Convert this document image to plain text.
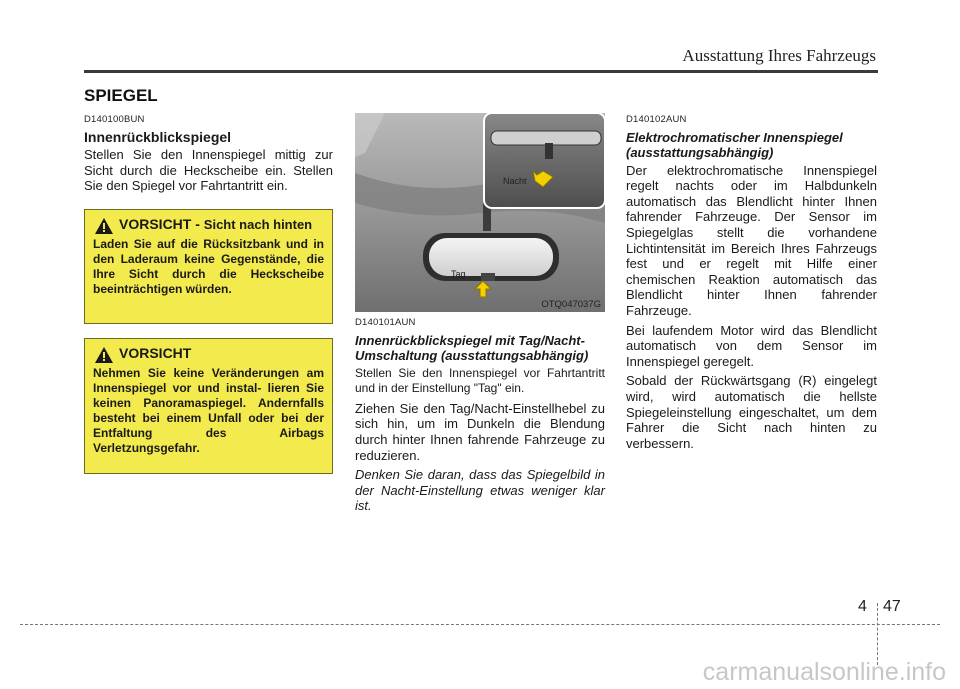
Ausstattung Ihres Fahrzeugs
SPIEGEL
D140100BUN
Innenrückblickspiegel
Stellen Sie den Innenspiegel mittig zur Sicht durch die Heckscheibe ein. Stellen Sie den Spiegel vor Fahrtantritt ein.
VORSICHT - Sicht nach hinten
Laden Sie auf die Rücksitzbank und in den Laderaum keine Gegenstände, die Ihre Sicht durch die Heckscheibe beeinträchtigen würden.
VORSICHT
Nehmen Sie keine Veränderungen am Innenspiegel vor und instal- lieren Sie keinen Panoramaspiegel. Andernfalls besteht bei einem Unfall oder bei der Entfaltung des Airbags Verletzungsgefahr.
Nacht
Tag
OTQ047037G
D140101AUN
Innenrückblickspiegel mit Tag/Nacht-Umschaltung (ausstattungsabhängig)
Stellen Sie den Innenspiegel vor Fahrtantritt und in der Einstellung "Tag" ein.
Ziehen Sie den Tag/Nacht-Einstellhebel zu sich hin, um im Dunkeln die Blendung durch hinter Ihnen fahrende Fahrzeuge zu reduzieren.
Denken Sie daran, dass das Spiegelbild in der Nacht-Einstellung etwas weniger klar ist.
D140102AUN
Elektrochromatischer Innenspiegel (ausstattungsabhängig)
Der elektrochromatische Innenspiegel regelt nachts oder im Halbdunkeln automatisch das Blendlicht hinter Ihnen fahrender Fahrzeuge. Der Sensor im Spiegelglas stellt die vorhandene Lichtintensität im Bereich Ihres Fahrzeugs fest und er regelt mit Hilfe einer chemischen Reaktion automatisch das Blendlicht hinter Ihnen fahrender Fahrzeuge.
Bei laufendem Motor wird das Blendlicht automatisch von dem Sensor im Innenspiegel geregelt.
Sobald der Rückwärtsgang (R) eingelegt wird, wird automatisch die hellste Spiegeleinstellung eingeschaltet, um dem Fahrer die Sicht nach hinten zu verbessern.
4 47
carmanualsonline.info
